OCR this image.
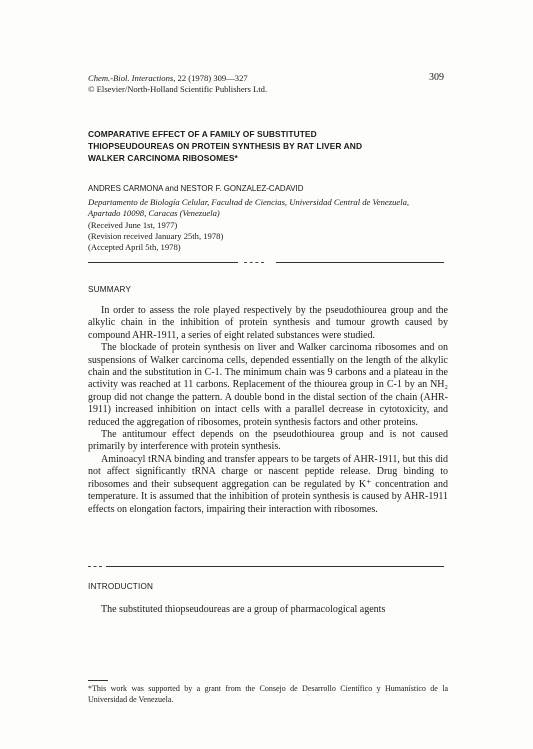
Chem.-Biol. Interactions, 22 (1978) 309—327
© Elsevier/North-Holland Scientific Publishers Ltd.
309
COMPARATIVE EFFECT OF A FAMILY OF SUBSTITUTED
THIOPSEUDOUREAS ON PROTEIN SYNTHESIS BY RAT LIVER AND
WALKER CARCINOMA RIBOSOMES*
ANDRES CARMONA and NESTOR F. GONZALEZ-CADAVID
Departamento de Biología Celular, Facultad de Ciencias, Universidad Central de Venezuela,
Apartado 10098, Caracas (Venezuela)
(Received June 1st, 1977)
(Revision received January 25th, 1978)
(Accepted April 5th, 1978)
SUMMARY

In order to assess the role played respectively by the pseudothiourea group and the alkylic chain in the inhibition of protein synthesis and tumour growth caused by compound AHR-1911, a series of eight related substances were studied.

The blockade of protein synthesis on liver and Walker carcinoma ribosomes and on suspensions of Walker carcinoma cells, depended essentially on the length of the alkylic chain and the substitution in C-1. The minimum chain was 9 carbons and a plateau in the activity was reached at 11 carbons. Replacement of the thiourea group in C-1 by an NH₂ group did not change the pattern. A double bond in the distal section of the chain (AHR-1911) increased inhibition on intact cells with a parallel decrease in cytotoxicity, and reduced the aggregation of ribosomes, protein synthesis factors and other proteins.

The antitumour effect depends on the pseudothiourea group and is not caused primarily by interference with protein synthesis.

Aminoacyl tRNA binding and transfer appears to be targets of AHR-1911, but this did not affect significantly tRNA charge or nascent peptide release. Drug binding to ribosomes and their subsequent aggregation can be regulated by K⁺ concentration and temperature. It is assumed that the inhibition of protein synthesis is caused by AHR-1911 effects on elongation factors, impairing their interaction with ribosomes.

INTRODUCTION

The substituted thiopseudoureas are a group of pharmacological agents

*This work was supported by a grant from the Consejo de Desarrollo Científico y Humanístico de la Universidad de Venezuela.
